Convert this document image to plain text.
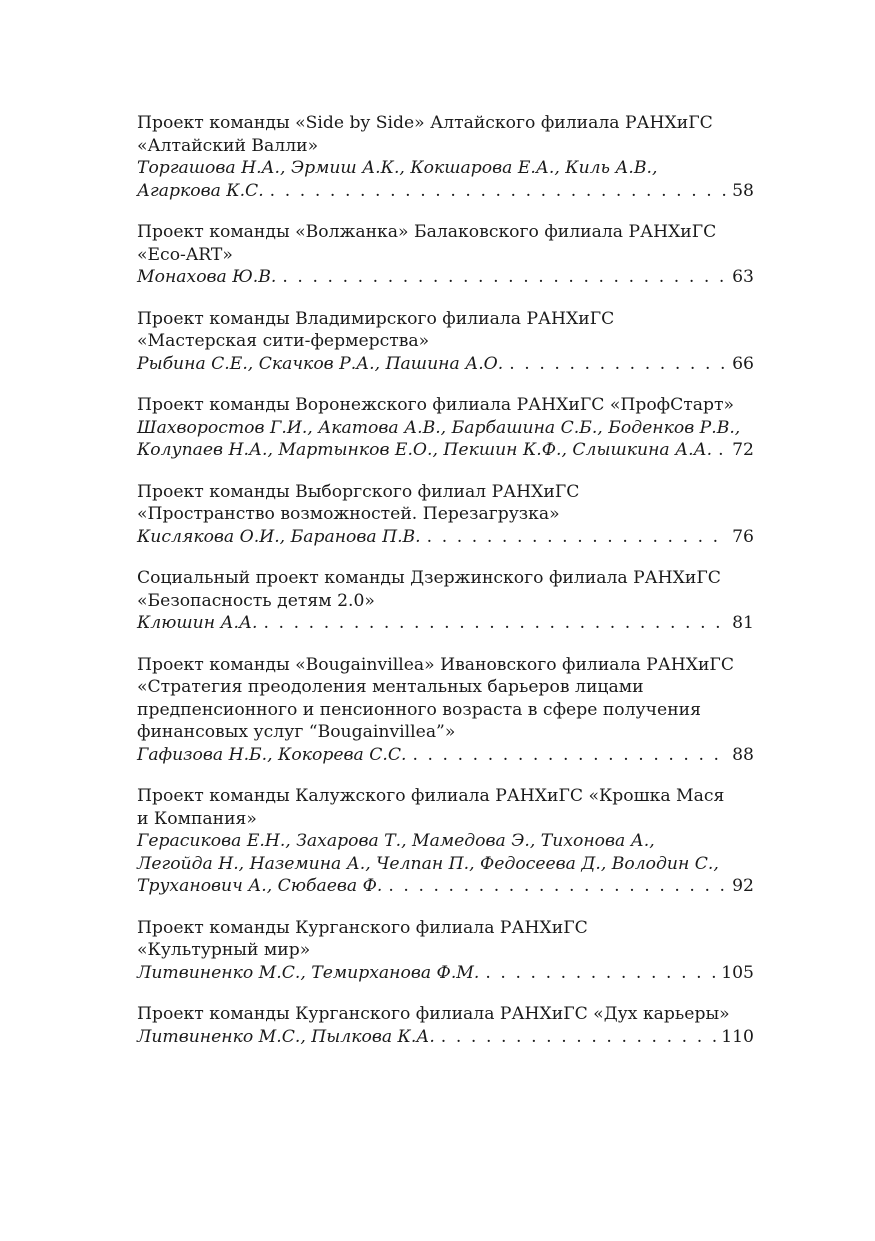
Проект команды «Side by Side» Алтайского филиала РАНХиГС
«Алтайский Валли»
Торгашова Н.А., Эрмиш А.К., Кокшарова Е.А., Киль А.В.,
Агаркова К.С. . . .	58
Проект команды «Волжанка» Балаковского филиала РАНХиГС
«Eco-ART»
Монахова Ю.В. . . .	63
Проект команды Владимирского филиала РАНХиГС
«Мастерская сити-фермерства»
Рыбина С.Е., Скачков Р.А., Пашина А.О. . . .	66
Проект команды Воронежского филиала РАНХиГС «ПрофСтарт»
Шахворостов Г.И., Акатова А.В., Барбашина С.Б., Боденков Р.В.,
Колупаев Н.А., Мартынков Е.О., Пекшин К.Ф., Слышкина А.А. . . . 72
Проект команды Выборгского филиал РАНХиГС
«Пространство возможностей. Перезагрузка»
Кислякова О.И., Баранова П.В. . . .	76
Социальный проект команды Дзержинского филиала РАНХиГС
«Безопасность детям 2.0»
Клюшин А.А. . . .	81
Проект команды «Bougainvillea» Ивановского филиала РАНХиГС
«Стратегия преодоления ментальных барьеров лицами
предпенсионного и пенсионного возраста в сфере получения
финансовых услуг “Bougainvillea”»
Гафизова Н.Б., Кокорева С.С. . . .	88
Проект команды Калужского филиала РАНХиГС «Крошка Мася
и Компания»
Герасикова Е.Н., Захарова Т., Мамедова Э., Тихонова А.,
Легойда Н., Наземина А., Челпан П., Федосеева Д., Володин С.,
Труханович А., Сюбаева Ф. . . .	92
Проект команды Курганского филиала РАНХиГС
«Культурный мир»
Литвиненко М.С., Темирханова Ф.М. . . .	105
Проект команды Курганского филиала РАНХиГС «Дух карьеры»
Литвиненко М.С., Пылкова К.А. . . .	110
